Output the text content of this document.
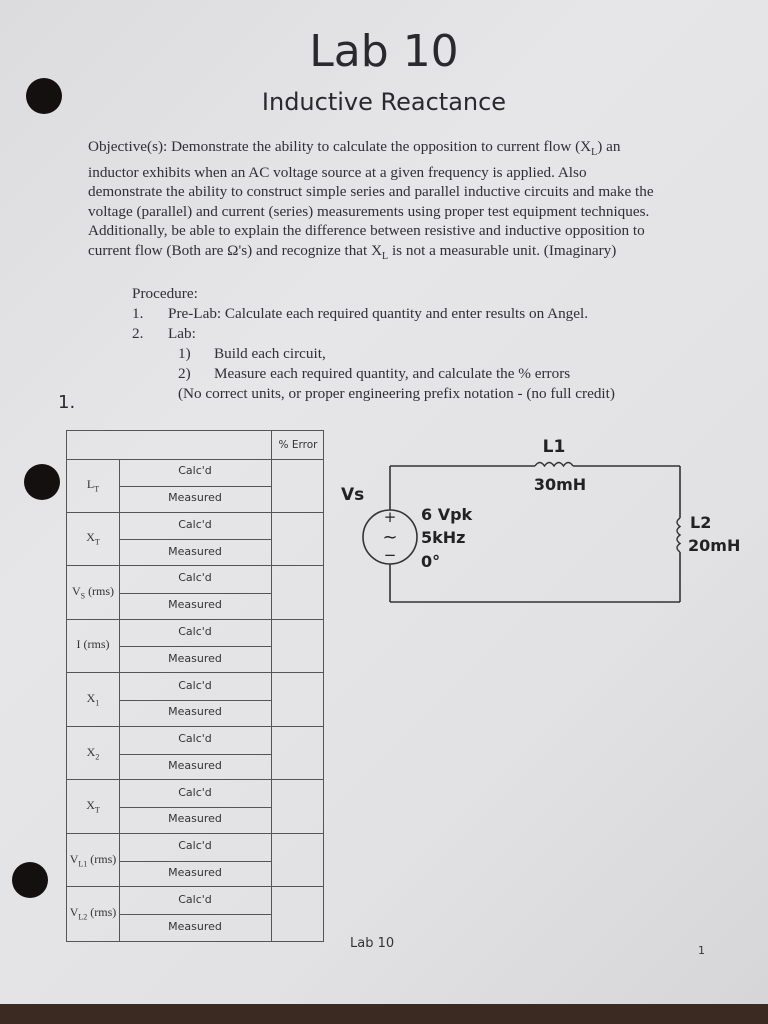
Lab 10
Inductive Reactance
Objective(s): Demonstrate the ability to calculate the opposition to current flow $(X_L)$ an
inductor exhibits when an AC voltage source at a given frequency is applied. Also
demonstrate the ability to construct simple series and parallel inductive circuits and make the
voltage (parallel) and current (series) measurements using proper test equipment techniques.
Additionally, be able to explain the difference between resistive and inductive opposition to
current flow (Both are Ω's) and recognize that $X_L$ is not a measurable unit. (Imaginary)
Procedure:
1. Pre-Lab: Calculate each required quantity and enter results on Angel.
2. Lab:
1) Build each circuit,
2) Measure each required quantity, and calculate the % errors
(No correct units, or proper engineering prefix notation - (no full credit)
1.
% Error
$L_T$
Calc'd
Measured
$X_T$
Calc'd
Measured
$V_S$ (rms)
Calc'd
Measured
I (rms)
Calc'd
Measured
$X_1$
Calc'd
Measured
$X_2$
Calc'd
Measured
$X_T$
Calc'd
Measured
$V_{L1}$ (rms)
Calc'd
Measured
$V_{L2}$ (rms)
Calc'd
Measured
+
~
−
Vs
6 Vpk
5kHz
0°
L1
30mH
L2
20mH
Lab 10	1
